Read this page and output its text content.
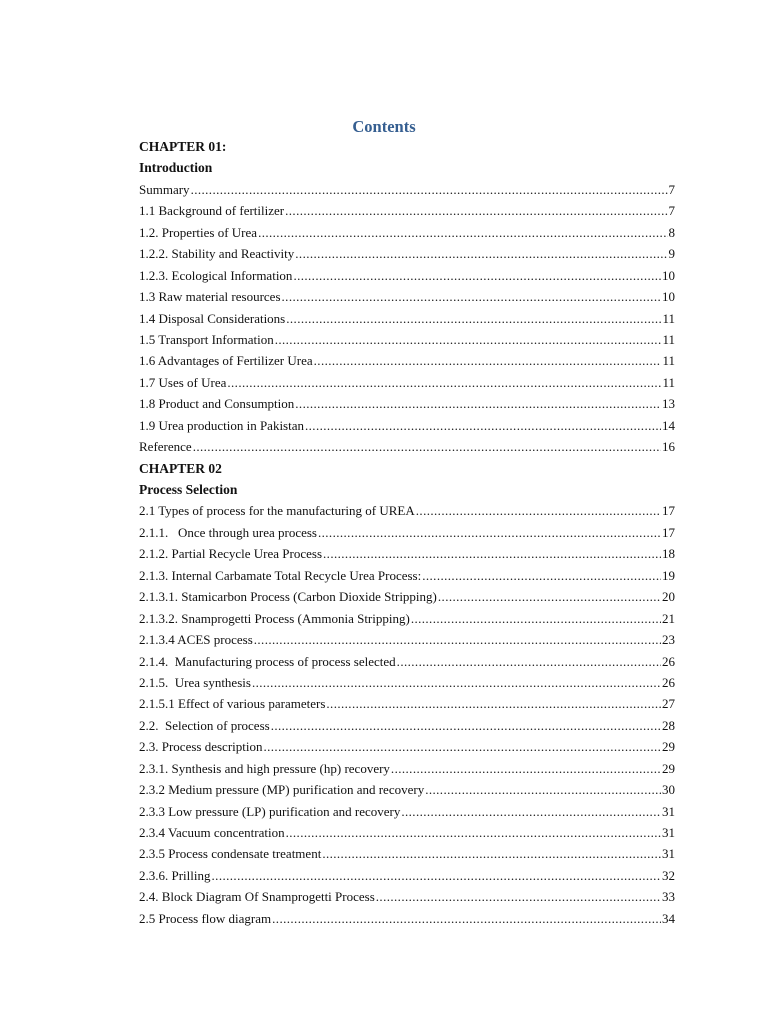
Contents
CHAPTER 01:
Introduction
Summary .....	7
1.1 Background of fertilizer .....	7
1.2. Properties of Urea .....	8
1.2.2. Stability and Reactivity .....	9
1.2.3. Ecological Information .....	10
1.3 Raw material resources .....	10
1.4 Disposal Considerations .....	11
1.5 Transport Information .....	11
1.6 Advantages of Fertilizer Urea .....	11
1.7 Uses of Urea .....	11
1.8 Product and Consumption .....	13
1.9 Urea production in Pakistan .....	14
Reference .....	16
CHAPTER 02
Process Selection
2.1 Types of process for the manufacturing of UREA .....	17
2.1.1.   Once through urea process .....	17
2.1.2. Partial Recycle Urea Process .....	18
2.1.3. Internal Carbamate Total Recycle Urea Process: .....	19
2.1.3.1. Stamicarbon Process (Carbon Dioxide Stripping) .....	20
2.1.3.2. Snamprogetti Process (Ammonia Stripping) .....	21
2.1.3.4 ACES process .....	23
2.1.4.  Manufacturing process of process selected .....	26
2.1.5.  Urea synthesis .....	26
2.1.5.1 Effect of various parameters .....	27
2.2.  Selection of process .....	28
2.3. Process description .....	29
2.3.1. Synthesis and high pressure (hp) recovery .....	29
2.3.2 Medium pressure (MP) purification and recovery .....	30
2.3.3 Low pressure (LP) purification and recovery .....	31
2.3.4 Vacuum concentration .....	31
2.3.5 Process condensate treatment .....	31
2.3.6. Prilling .....	32
2.4. Block Diagram Of Snamprogetti Process .....	33
2.5 Process flow diagram .....	34
